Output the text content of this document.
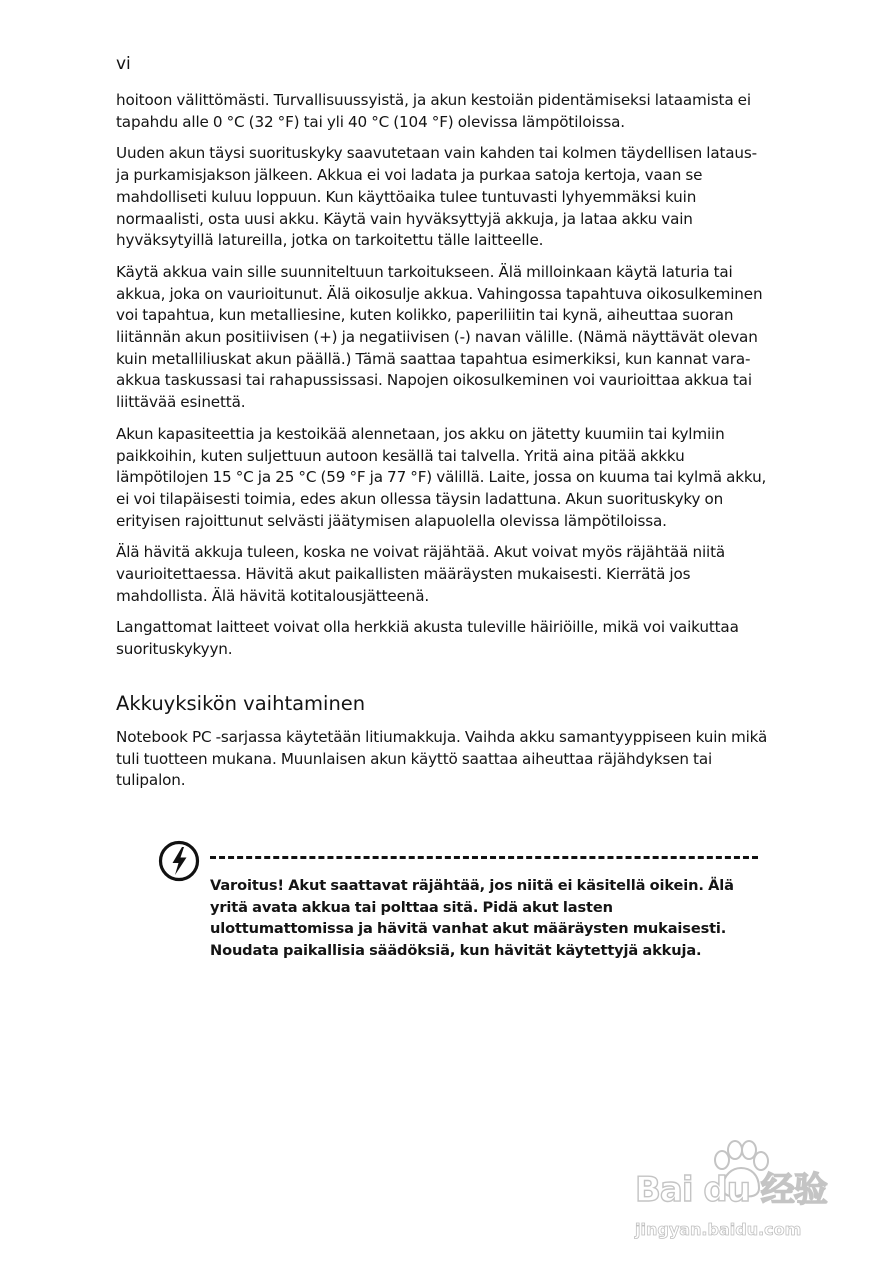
vi

hoitoon välittömästi. Turvallisuussyistä, ja akun kestoiän pidentämiseksi lataamista ei tapahdu alle 0 °C (32 °F) tai yli 40 °C (104 °F) olevissa lämpötiloissa.

Uuden akun täysi suorituskyky saavutetaan vain kahden tai kolmen täydellisen lataus- ja purkamisjakson jälkeen. Akkua ei voi ladata ja purkaa satoja kertoja, vaan se mahdolliseti kuluu loppuun. Kun käyttöaika tulee tuntuvasti lyhyemmäksi kuin normaalisti, osta uusi akku. Käytä vain hyväksyttyjä akkuja, ja lataa akku vain hyväksytyillä latureilla, jotka on tarkoitettu tälle laitteelle.

Käytä akkua vain sille suunniteltuun tarkoitukseen. Älä milloinkaan käytä laturia tai akkua, joka on vaurioitunut. Älä oikosulje akkua. Vahingossa tapahtuva oikosulkeminen voi tapahtua, kun metalliesine, kuten kolikko, paperiliitin tai kynä, aiheuttaa suoran liitännän akun positiivisen (+) ja negatiivisen (-) navan välille. (Nämä näyttävät olevan kuin metalliliuskat akun päällä.) Tämä saattaa tapahtua esimerkiksi, kun kannat vara-akkua taskussasi tai rahapussissasi. Napojen oikosulkeminen voi vaurioittaa akkua tai liittävää esinettä.

Akun kapasiteettia ja kestoikää alennetaan, jos akku on jätetty kuumiin tai kylmiin paikkoihin, kuten suljettuun autoon kesällä tai talvella. Yritä aina pitää akkku lämpötilojen 15 °C ja 25 °C (59 °F ja 77 °F) välillä. Laite, jossa on kuuma tai kylmä akku, ei voi tilapäisesti toimia, edes akun ollessa täysin ladattuna. Akun suorituskyky on erityisen rajoittunut selvästi jäätymisen alapuolella olevissa lämpötiloissa.

Älä hävitä akkuja tuleen, koska ne voivat räjähtää. Akut voivat myös räjähtää niitä vaurioitettaessa. Hävitä akut paikallisten määräysten mukaisesti. Kierrätä jos mahdollista. Älä hävitä kotitalousjätteenä.

Langattomat laitteet voivat olla herkkiä akusta tuleville häiriöille, mikä voi vaikuttaa suorituskykyyn.

Akkuyksikön vaihtaminen

Notebook PC -sarjassa käytetään litiumakkuja. Vaihda akku samantyyppiseen kuin mikä tuli tuotteen mukana. Muunlaisen akun käyttö saattaa aiheuttaa räjähdyksen tai tulipalon.

Varoitus! Akut saattavat räjähtää, jos niitä ei käsitellä oikein. Älä yritä avata akkua tai polttaa sitä. Pidä akut lasten ulottumattomissa ja hävitä vanhat akut määräysten mukaisesti. Noudata paikallisia säädöksiä, kun hävität käytettyjä akkuja.
Bai du 经验
jingyan.baidu.com
